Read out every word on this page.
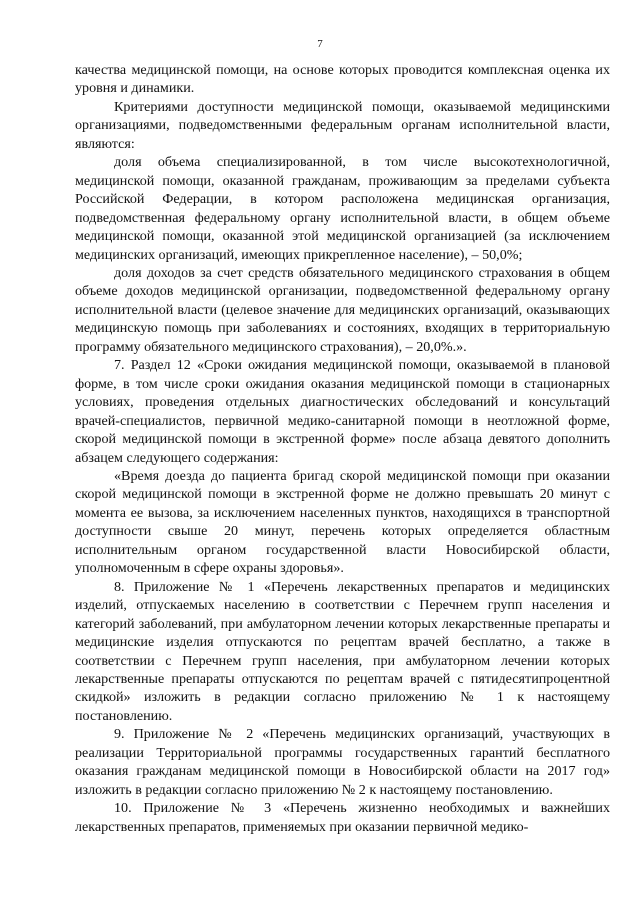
7

качества медицинской помощи, на основе которых проводится комплексная оценка их уровня и динамики.

Критериями доступности медицинской помощи, оказываемой медицинскими организациями, подведомственными федеральным органам исполнительной власти, являются:

доля объема специализированной, в том числе высокотехнологичной, медицинской помощи, оказанной гражданам, проживающим за пределами субъекта Российской Федерации, в котором расположена медицинская организация, подведомственная федеральному органу исполнительной власти, в общем объеме медицинской помощи, оказанной этой медицинской организацией (за исключением медицинских организаций, имеющих прикрепленное население), – 50,0%;

доля доходов за счет средств обязательного медицинского страхования в общем объеме доходов медицинской организации, подведомственной федеральному органу исполнительной власти (целевое значение для медицинских организаций, оказывающих медицинскую помощь при заболеваниях и состояниях, входящих в территориальную программу обязательного медицинского страхования), – 20,0%.».

7. Раздел 12 «Сроки ожидания медицинской помощи, оказываемой в плановой форме, в том числе сроки ожидания оказания медицинской помощи в стационарных условиях, проведения отдельных диагностических обследований и консультаций врачей-специалистов, первичной медико-санитарной помощи в неотложной форме, скорой медицинской помощи в экстренной форме» после абзаца девятого дополнить абзацем следующего содержания:

«Время доезда до пациента бригад скорой медицинской помощи при оказании скорой медицинской помощи в экстренной форме не должно превышать 20 минут с момента ее вызова, за исключением населенных пунктов, находящихся в транспортной доступности свыше 20 минут, перечень которых определяется областным исполнительным органом государственной власти Новосибирской области, уполномоченным в сфере охраны здоровья».

8. Приложение № 1 «Перечень лекарственных препаратов и медицинских изделий, отпускаемых населению в соответствии с Перечнем групп населения и категорий заболеваний, при амбулаторном лечении которых лекарственные препараты и медицинские изделия отпускаются по рецептам врачей бесплатно, а также в соответствии с Перечнем групп населения, при амбулаторном лечении которых лекарственные препараты отпускаются по рецептам врачей с пятидесятипроцентной скидкой» изложить в редакции согласно приложению № 1 к настоящему постановлению.

9. Приложение № 2 «Перечень медицинских организаций, участвующих в реализации Территориальной программы государственных гарантий бесплатного оказания гражданам медицинской помощи в Новосибирской области на 2017 год» изложить в редакции согласно приложению № 2 к настоящему постановлению.

10. Приложение № 3 «Перечень жизненно необходимых и важнейших лекарственных препаратов, применяемых при оказании первичной медико-
